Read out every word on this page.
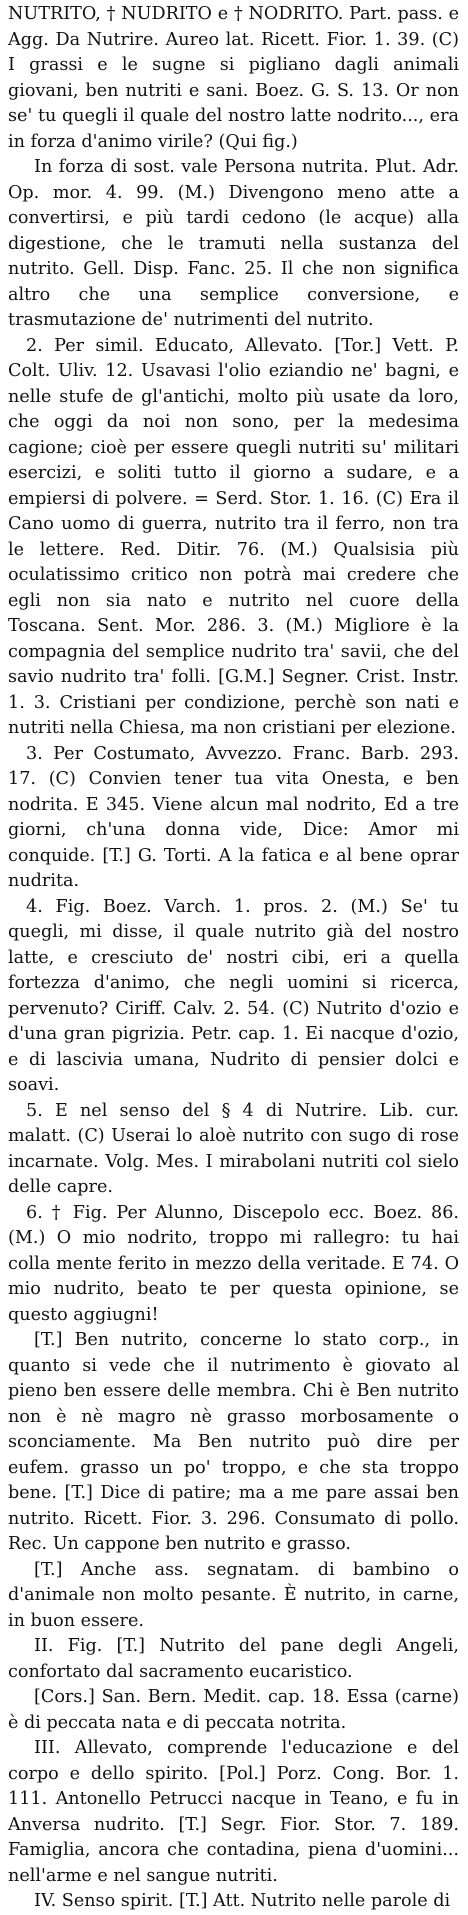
NUTRITO, † NUDRITO e † NODRITO. Part. pass. e Agg. Da Nutrire. Aureo lat. Ricett. Fior. 1. 39. (C) I grassi e le sugne si pigliano dagli animali giovani, ben nutriti e sani. Boez. G. S. 13. Or non se' tu quegli il quale del nostro latte nodrito..., era in forza d'animo virile? (Qui fig.)

In forza di sost. vale Persona nutrita. Plut. Adr. Op. mor. 4. 99. (M.) Divengono meno atte a convertirsi, e più tardi cedono (le acque) alla digestione, che le tramuti nella sustanza del nutrito. Gell. Disp. Fanc. 25. Il che non significa altro che una semplice conversione, e trasmutazione de' nutrimenti del nutrito.

2. Per simil. Educato, Allevato. [Tor.] Vett. P. Colt. Uliv. 12. Usavasi l'olio eziandio ne' bagni, e nelle stufe de gl'antichi, molto più usate da loro, che oggi da noi non sono, per la medesima cagione; cioè per essere quegli nutriti su' militari esercizi, e soliti tutto il giorno a sudare, e a empiersi di polvere. = Serd. Stor. 1. 16. (C) Era il Cano uomo di guerra, nutrito tra il ferro, non tra le lettere. Red. Ditir. 76. (M.) Qualsisia più oculatissimo critico non potrà mai credere che egli non sia nato e nutrito nel cuore della Toscana. Sent. Mor. 286. 3. (M.) Migliore è la compagnia del semplice nudrito tra' savii, che del savio nudrito tra' folli. [G.M.] Segner. Crist. Instr. 1. 3. Cristiani per condizione, perchè son nati e nutriti nella Chiesa, ma non cristiani per elezione.

3. Per Costumato, Avvezzo. Franc. Barb. 293. 17. (C) Convien tener tua vita Onesta, e ben nodrita. E 345. Viene alcun mal nodrito, Ed a tre giorni, ch'una donna vide, Dice: Amor mi conquide. [T.] G. Torti. A la fatica e al bene oprar nudrita.

4. Fig. Boez. Varch. 1. pros. 2. (M.) Se' tu quegli, mi disse, il quale nutrito già del nostro latte, e cresciuto de' nostri cibi, eri a quella fortezza d'animo, che negli uomini si ricerca, pervenuto? Ciriff. Calv. 2. 54. (C) Nutrito d'ozio e d'una gran pigrizia. Petr. cap. 1. Ei nacque d'ozio, e di lascivia umana, Nudrito di pensier dolci e soavi.

5. E nel senso del § 4 di Nutrire. Lib. cur. malatt. (C) Userai lo aloè nutrito con sugo di rose incarnate. Volg. Mes. I mirabolani nutriti col sielo delle capre.

6. † Fig. Per Alunno, Discepolo ecc. Boez. 86. (M.) O mio nodrito, troppo mi rallegro: tu hai colla mente ferito in mezzo della veritade. E 74. O mio nudrito, beato te per questa opinione, se questo aggiugni!

[T.] Ben nutrito, concerne lo stato corp., in quanto si vede che il nutrimento è giovato al pieno ben essere delle membra. Chi è Ben nutrito non è nè magro nè grasso morbosamente o sconciamente. Ma Ben nutrito può dire per eufem. grasso un po' troppo, e che sta troppo bene. [T.] Dice di patire; ma a me pare assai ben nutrito. Ricett. Fior. 3. 296. Consumato di pollo. Rec. Un cappone ben nutrito e grasso.

[T.] Anche ass. segnatam. di bambino o d'animale non molto pesante. È nutrito, in carne, in buon essere.

II. Fig. [T.] Nutrito del pane degli Angeli, confortato dal sacramento eucaristico.

[Cors.] San. Bern. Medit. cap. 18. Essa (carne) è di peccata nata e di peccata notrita.

III. Allevato, comprende l'educazione e del corpo e dello spirito. [Pol.] Porz. Cong. Bor. 1. 111. Antonello Petrucci nacque in Teano, e fu in Anversa nudrito. [T.] Segr. Fior. Stor. 7. 189. Famiglia, ancora che contadina, piena d'uomini... nell'arme e nel sangue nutriti.

IV. Senso spirit. [T.] Att. Nutrito nelle parole di
